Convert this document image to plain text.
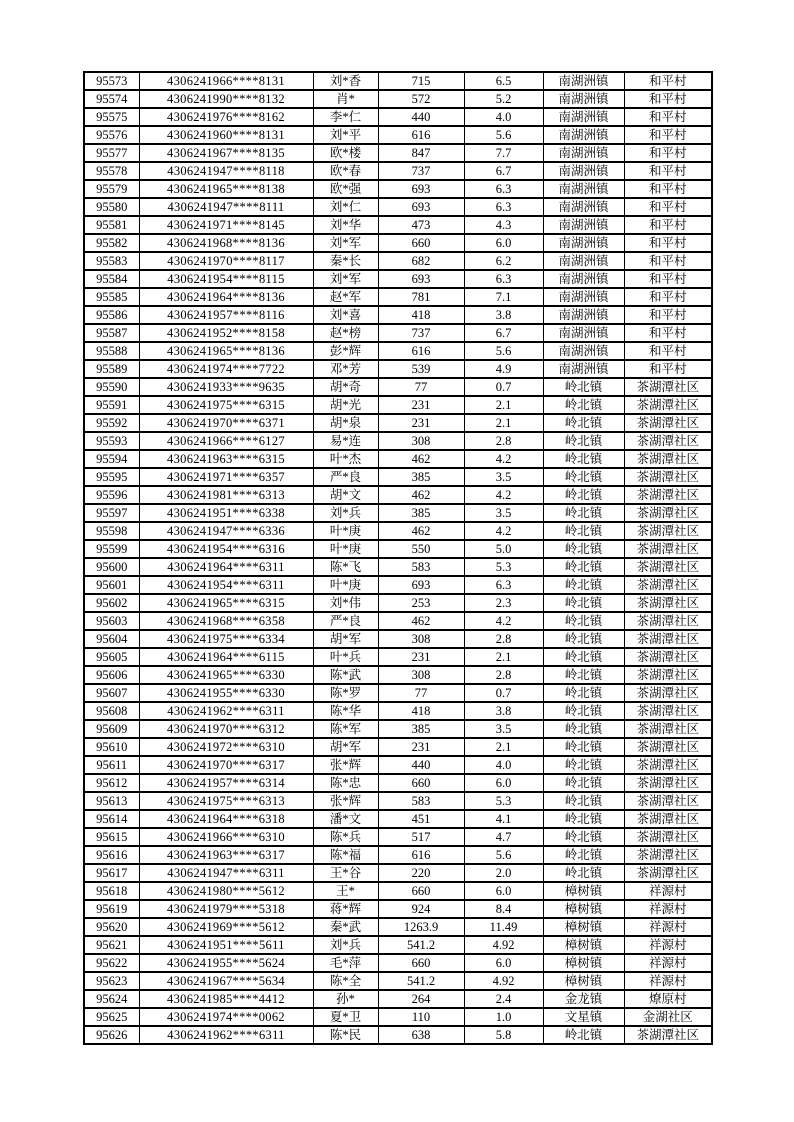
95573	4306241966****8131	刘*香	715	6.5	南湖洲镇	和平村
95574	4306241990****8132	肖*	572	5.2	南湖洲镇	和平村
95575	4306241976****8162	李*仁	440	4.0	南湖洲镇	和平村
95576	4306241960****8131	刘*平	616	5.6	南湖洲镇	和平村
95577	4306241967****8135	欧*楼	847	7.7	南湖洲镇	和平村
95578	4306241947****8118	欧*春	737	6.7	南湖洲镇	和平村
95579	4306241965****8138	欧*强	693	6.3	南湖洲镇	和平村
95580	4306241947****8111	刘*仁	693	6.3	南湖洲镇	和平村
95581	4306241971****8145	刘*华	473	4.3	南湖洲镇	和平村
95582	4306241968****8136	刘*军	660	6.0	南湖洲镇	和平村
95583	4306241970****8117	秦*长	682	6.2	南湖洲镇	和平村
95584	4306241954****8115	刘*军	693	6.3	南湖洲镇	和平村
95585	4306241964****8136	赵*军	781	7.1	南湖洲镇	和平村
95586	4306241957****8116	刘*喜	418	3.8	南湖洲镇	和平村
95587	4306241952****8158	赵*榜	737	6.7	南湖洲镇	和平村
95588	4306241965****8136	彭*辉	616	5.6	南湖洲镇	和平村
95589	4306241974****7722	邓*芳	539	4.9	南湖洲镇	和平村
95590	4306241933****9635	胡*奇	77	0.7	岭北镇	茶湖潭社区
95591	4306241975****6315	胡*光	231	2.1	岭北镇	茶湖潭社区
95592	4306241970****6371	胡*泉	231	2.1	岭北镇	茶湖潭社区
95593	4306241966****6127	易*连	308	2.8	岭北镇	茶湖潭社区
95594	4306241963****6315	叶*杰	462	4.2	岭北镇	茶湖潭社区
95595	4306241971****6357	严*良	385	3.5	岭北镇	茶湖潭社区
95596	4306241981****6313	胡*文	462	4.2	岭北镇	茶湖潭社区
95597	4306241951****6338	刘*兵	385	3.5	岭北镇	茶湖潭社区
95598	4306241947****6336	叶*庚	462	4.2	岭北镇	茶湖潭社区
95599	4306241954****6316	叶*庚	550	5.0	岭北镇	茶湖潭社区
95600	4306241964****6311	陈*飞	583	5.3	岭北镇	茶湖潭社区
95601	4306241954****6311	叶*庚	693	6.3	岭北镇	茶湖潭社区
95602	4306241965****6315	刘*伟	253	2.3	岭北镇	茶湖潭社区
95603	4306241968****6358	严*良	462	4.2	岭北镇	茶湖潭社区
95604	4306241975****6334	胡*军	308	2.8	岭北镇	茶湖潭社区
95605	4306241964****6115	叶*兵	231	2.1	岭北镇	茶湖潭社区
95606	4306241965****6330	陈*武	308	2.8	岭北镇	茶湖潭社区
95607	4306241955****6330	陈*罗	77	0.7	岭北镇	茶湖潭社区
95608	4306241962****6311	陈*华	418	3.8	岭北镇	茶湖潭社区
95609	4306241970****6312	陈*军	385	3.5	岭北镇	茶湖潭社区
95610	4306241972****6310	胡*军	231	2.1	岭北镇	茶湖潭社区
95611	4306241970****6317	张*辉	440	4.0	岭北镇	茶湖潭社区
95612	4306241957****6314	陈*忠	660	6.0	岭北镇	茶湖潭社区
95613	4306241975****6313	张*辉	583	5.3	岭北镇	茶湖潭社区
95614	4306241964****6318	潘*文	451	4.1	岭北镇	茶湖潭社区
95615	4306241966****6310	陈*兵	517	4.7	岭北镇	茶湖潭社区
95616	4306241963****6317	陈*福	616	5.6	岭北镇	茶湖潭社区
95617	4306241947****6311	王*谷	220	2.0	岭北镇	茶湖潭社区
95618	4306241980****5612	王*	660	6.0	樟树镇	祥源村
95619	4306241979****5318	蒋*辉	924	8.4	樟树镇	祥源村
95620	4306241969****5612	秦*武	1263.9	11.49	樟树镇	祥源村
95621	4306241951****5611	刘*兵	541.2	4.92	樟树镇	祥源村
95622	4306241955****5624	毛*萍	660	6.0	樟树镇	祥源村
95623	4306241967****5634	陈*全	541.2	4.92	樟树镇	祥源村
95624	4306241985****4412	孙*	264	2.4	金龙镇	燎原村
95625	4306241974****0062	夏*卫	110	1.0	文星镇	金湖社区
95626	4306241962****6311	陈*民	638	5.8	岭北镇	茶湖潭社区
